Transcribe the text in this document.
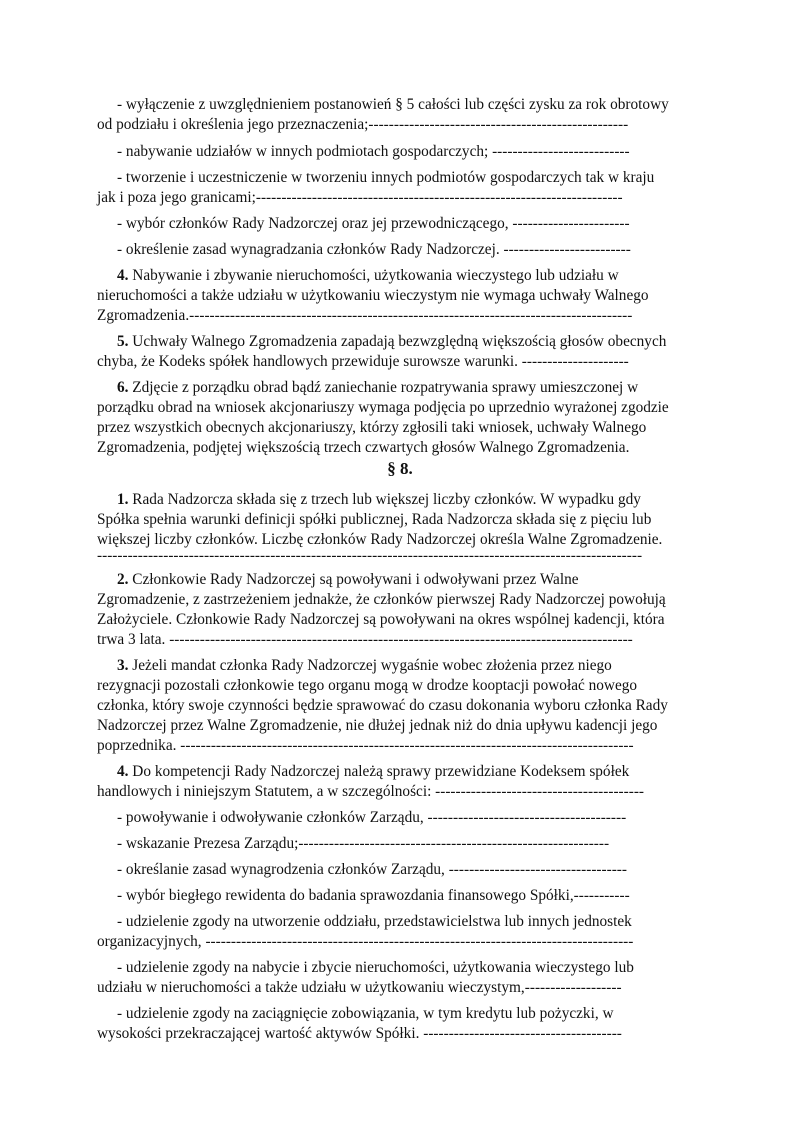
- wyłączenie z uwzględnieniem postanowień § 5 całości lub części zysku za rok obrotowy
od podziału i określenia jego przeznaczenia;---------------------------------------------------
- nabywanie udziałów w innych podmiotach gospodarczych; ---------------------------
- tworzenie i uczestniczenie w tworzeniu innych podmiotów gospodarczych tak w kraju
jak i poza jego granicami;------------------------------------------------------------------------
- wybór członków Rady Nadzorczej oraz jej przewodniczącego, -----------------------
- określenie zasad wynagradzania członków Rady Nadzorczej. -------------------------
4. Nabywanie i zbywanie nieruchomości, użytkowania wieczystego lub udziału w
nieruchomości a także udziału w użytkowaniu wieczystym nie wymaga uchwały Walnego
Zgromadzenia.---------------------------------------------------------------------------------------
5. Uchwały Walnego Zgromadzenia zapadają bezwzględną większością głosów obecnych
chyba, że Kodeks spółek handlowych przewiduje surowsze warunki. ---------------------
6. Zdjęcie z porządku obrad bądź zaniechanie rozpatrywania sprawy umieszczonej w
porządku obrad na wniosek akcjonariuszy wymaga podjęcia po uprzednio wyrażonej zgodzie
przez wszystkich obecnych akcjonariuszy, którzy zgłosili taki wniosek, uchwały Walnego
Zgromadzenia, podjętej większością trzech czwartych głosów Walnego Zgromadzenia.
§ 8.
1. Rada Nadzorcza składa się z trzech lub większej liczby członków. W wypadku gdy
Spółka spełnia warunki definicji spółki publicznej, Rada Nadzorcza składa się z pięciu lub
większej liczby członków. Liczbę członków Rady Nadzorczej określa Walne Zgromadzenie.
-----------------------------------------------------------------------------------------------------------
2. Członkowie Rady Nadzorczej są powoływani i odwoływani przez Walne
Zgromadzenie, z zastrzeżeniem jednakże, że członków pierwszej Rady Nadzorczej powołują
Założyciele. Członkowie Rady Nadzorczej są powoływani na okres wspólnej kadencji, która
trwa 3 lata. -------------------------------------------------------------------------------------------
3. Jeżeli mandat członka Rady Nadzorczej wygaśnie wobec złożenia przez niego
rezygnacji pozostali członkowie tego organu mogą w drodze kooptacji powołać nowego
członka, który swoje czynności będzie sprawować do czasu dokonania wyboru członka Rady
Nadzorczej przez Walne Zgromadzenie, nie dłużej jednak niż do dnia upływu kadencji jego
poprzednika. -----------------------------------------------------------------------------------------
4. Do kompetencji Rady Nadzorczej należą sprawy przewidziane Kodeksem spółek
handlowych i niniejszym Statutem, a w szczególności: -----------------------------------------
- powoływanie i odwoływanie członków Zarządu, ---------------------------------------
- wskazanie Prezesa Zarządu;-------------------------------------------------------------
- określanie zasad wynagrodzenia członków Zarządu, -----------------------------------
- wybór biegłego rewidenta do badania sprawozdania finansowego Spółki,-----------
- udzielenie zgody na utworzenie oddziału, przedstawicielstwa lub innych jednostek
organizacyjnych, ------------------------------------------------------------------------------------
- udzielenie zgody na nabycie i zbycie nieruchomości, użytkowania wieczystego lub
udziału w nieruchomości a także udziału w użytkowaniu wieczystym,-------------------
- udzielenie zgody na zaciągnięcie zobowiązania, w tym kredytu lub pożyczki, w
wysokości przekraczającej wartość aktywów Spółki. ---------------------------------------
